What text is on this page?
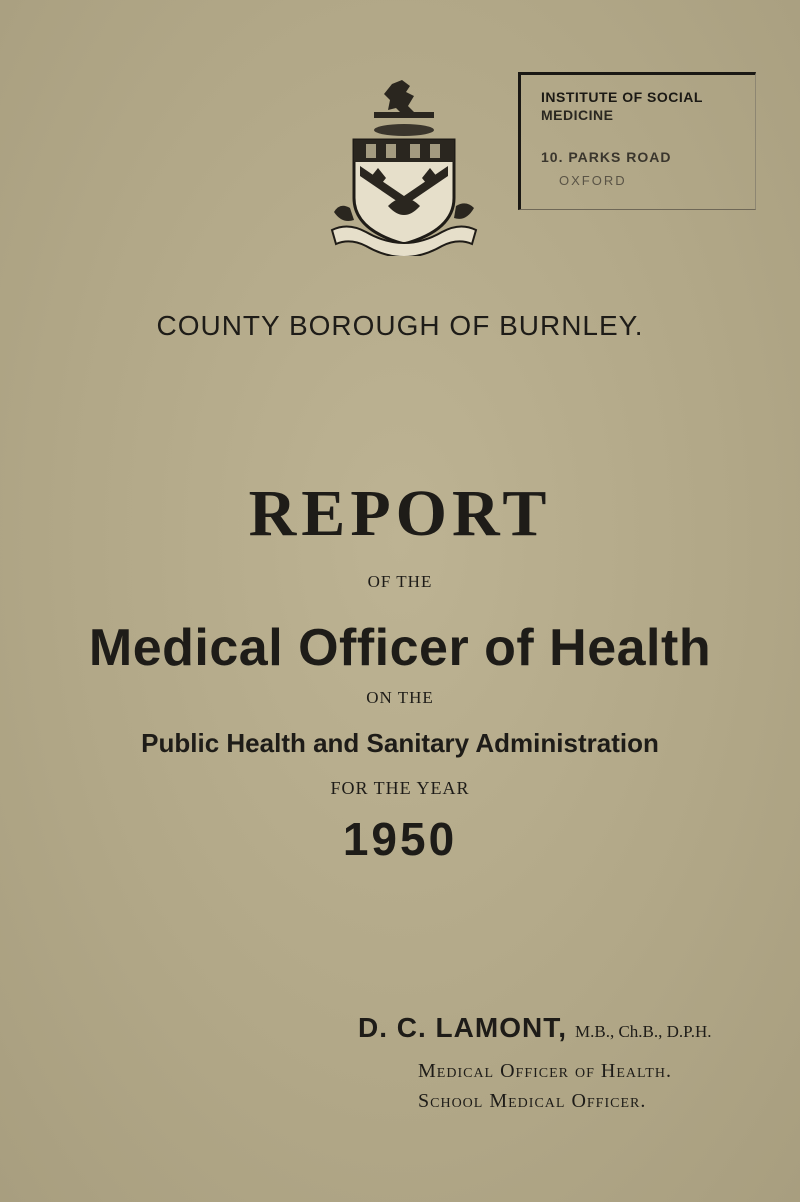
INSTITUTE OF SOCIAL
MEDICINE
10. PARKS ROAD
OXFORD
COUNTY BOROUGH OF BURNLEY.
REPORT
OF THE
Medical Officer of Health
ON THE
Public Health and Sanitary Administration
FOR THE YEAR
1950
D. C. LAMONT, M.B., Ch.B., D.P.H.
Medical Officer of Health.
School Medical Officer.
